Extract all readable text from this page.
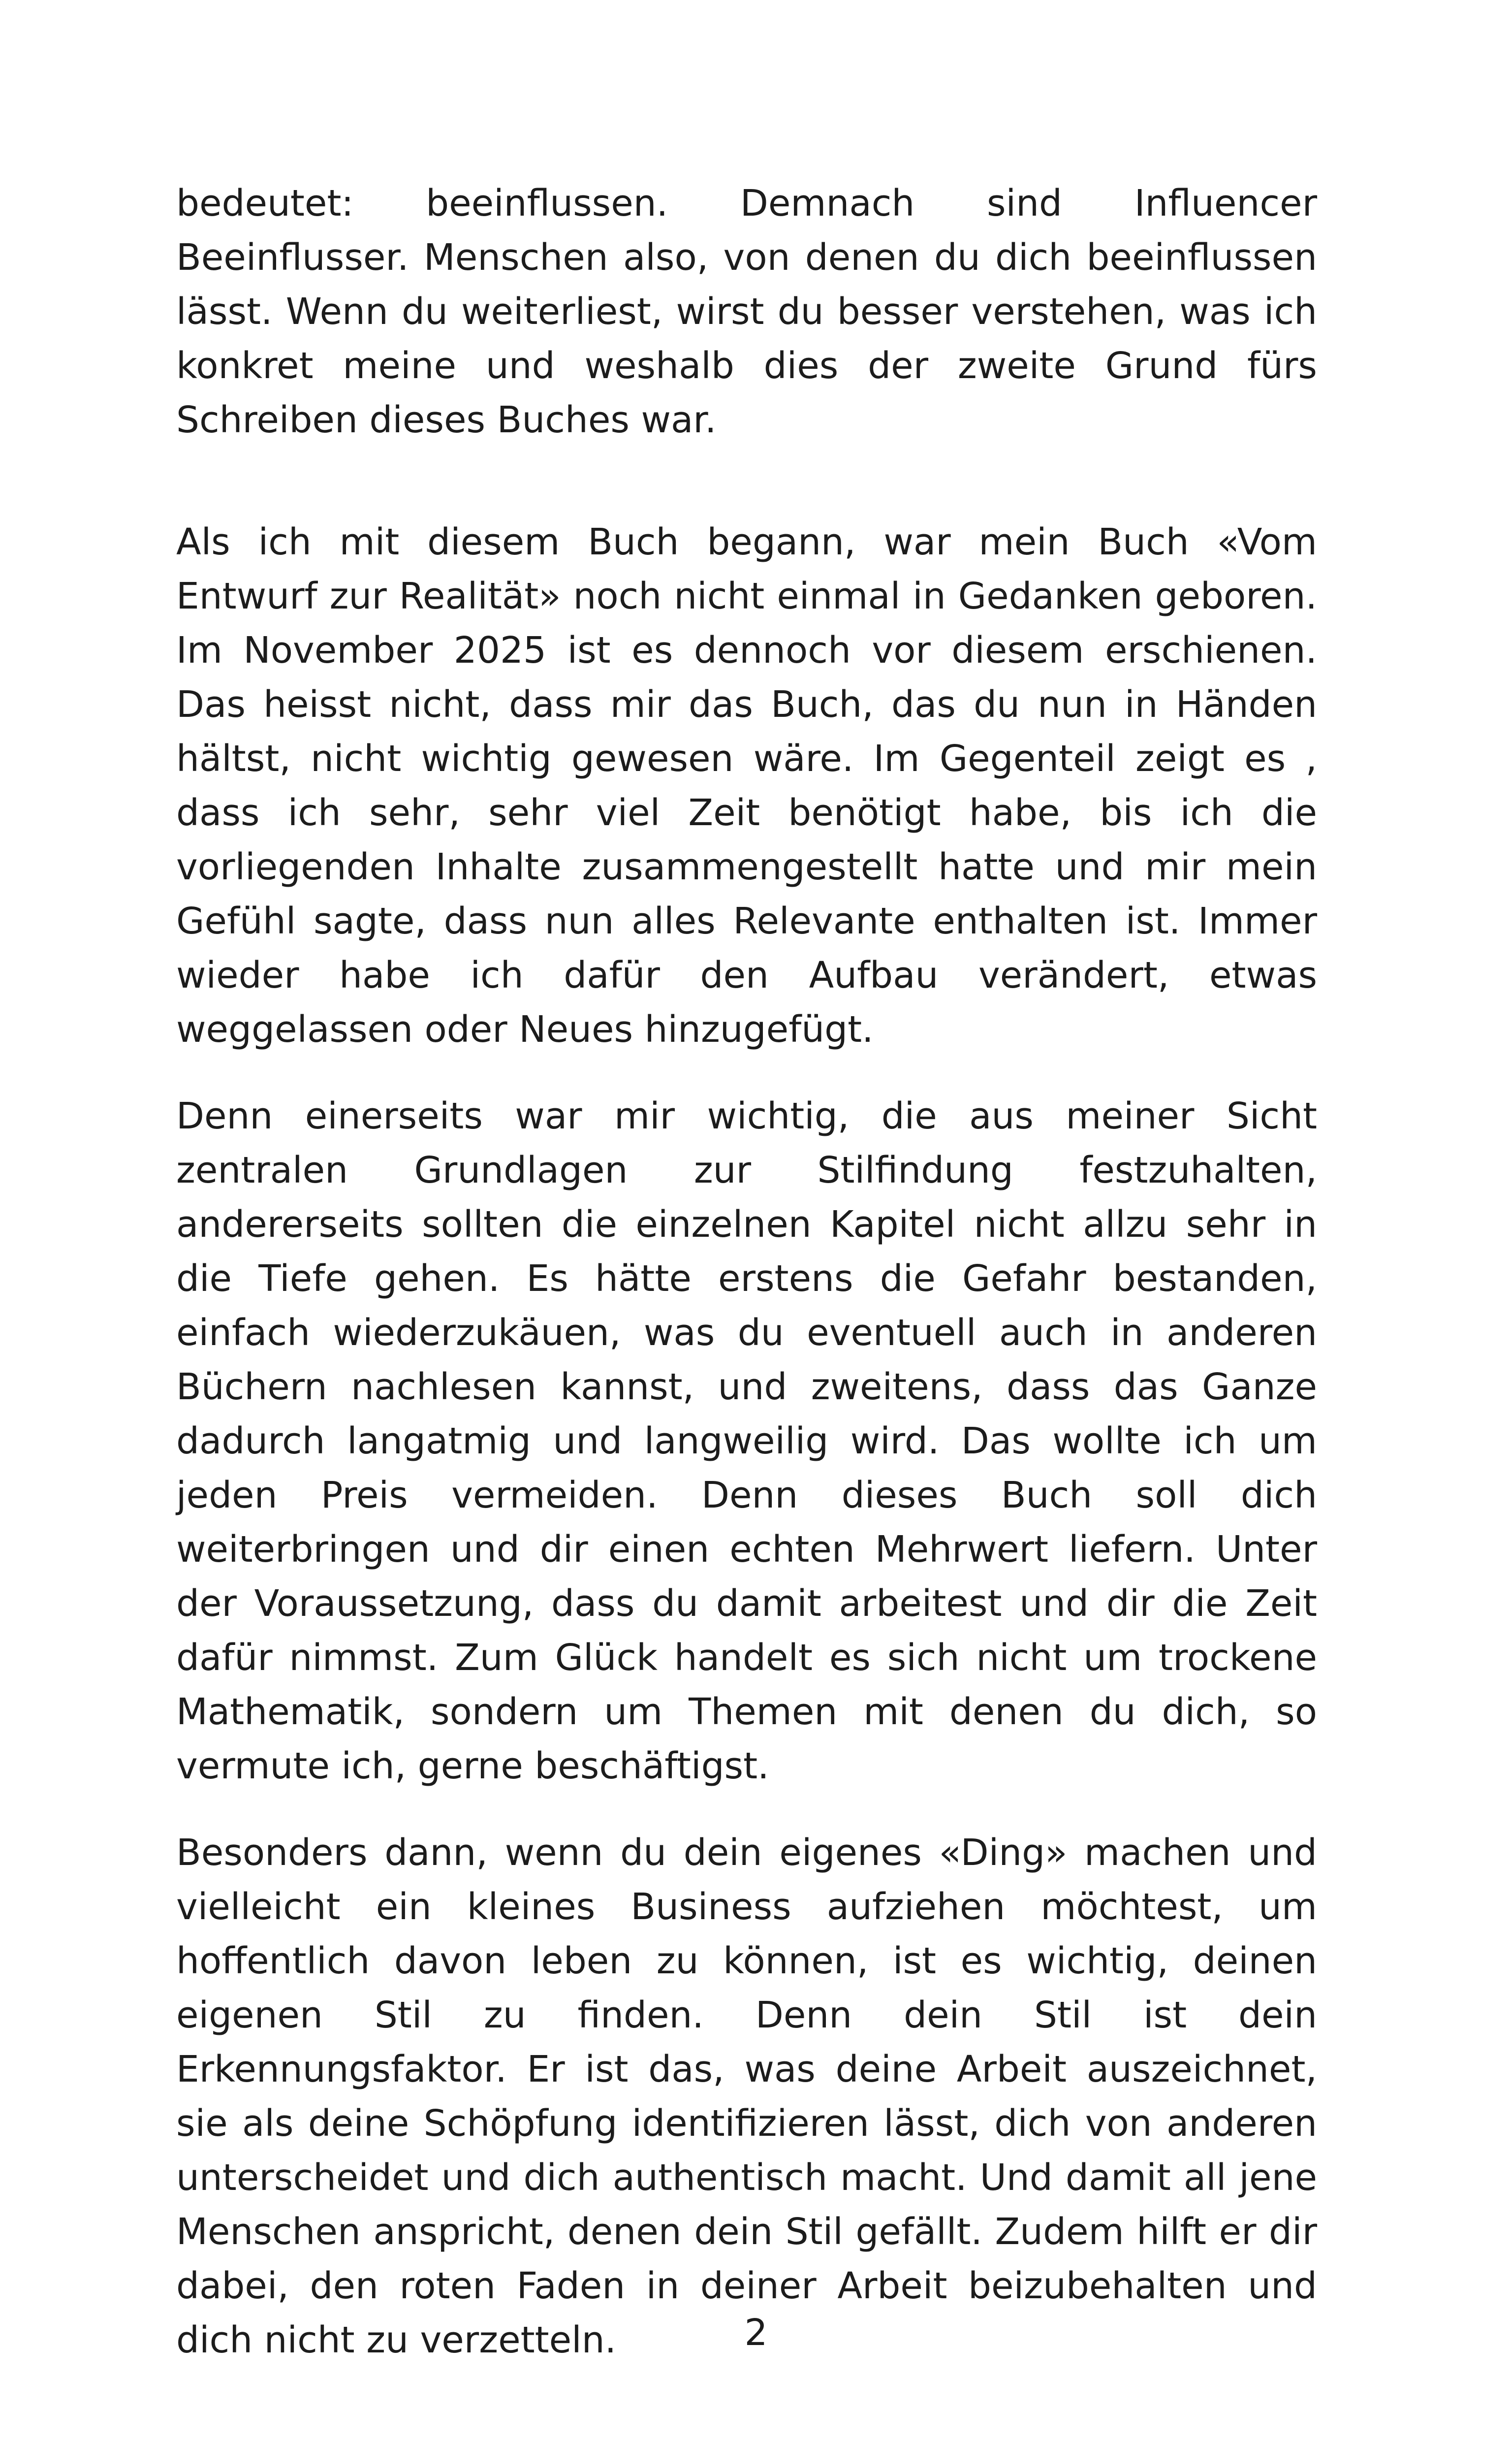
bedeutet: beeinflussen. Demnach sind Influencer Beeinflusser. Menschen also, von denen du dich beeinflussen lässt. Wenn du weiterliest, wirst du besser verstehen, was ich konkret meine und weshalb dies der zweite Grund fürs Schreiben dieses Buches war.

Als ich mit diesem Buch begann, war mein Buch «Vom Entwurf zur Realität» noch nicht einmal in Gedanken geboren. Im November 2025 ist es dennoch vor diesem erschienen. Das heisst nicht, dass mir das Buch, das du nun in Händen hältst, nicht wichtig gewesen wäre. Im Gegenteil zeigt es , dass ich sehr, sehr viel Zeit benötigt habe, bis ich die vorliegenden Inhalte zusammengestellt hatte und mir mein Gefühl sagte, dass nun alles Relevante enthalten ist. Immer wieder habe ich dafür den Aufbau verändert, etwas weggelassen oder Neues hinzugefügt.

Denn einerseits war mir wichtig, die aus meiner Sicht zentralen Grundlagen zur Stilfindung festzuhalten, andererseits sollten die einzelnen Kapitel nicht allzu sehr in die Tiefe gehen. Es hätte erstens die Gefahr bestanden, einfach wiederzukäuen, was du eventuell auch in anderen Büchern nachlesen kannst, und zweitens, dass das Ganze dadurch langatmig und langweilig wird. Das wollte ich um jeden Preis vermeiden. Denn dieses Buch soll dich weiterbringen und dir einen echten Mehrwert liefern. Unter der Voraussetzung, dass du damit arbeitest und dir die Zeit dafür nimmst. Zum Glück handelt es sich nicht um trockene Mathematik, sondern um Themen mit denen du dich, so vermute ich, gerne beschäftigst.

Besonders dann, wenn du dein eigenes «Ding» machen und vielleicht ein kleines Business aufziehen möchtest, um hoffentlich davon leben zu können, ist es wichtig, deinen eigenen Stil zu finden. Denn dein Stil ist dein Erkennungsfaktor. Er ist das, was deine Arbeit auszeichnet, sie als deine Schöpfung identifizieren lässt, dich von anderen unterscheidet und dich authentisch macht. Und damit all jene Menschen anspricht, denen dein Stil gefällt. Zudem hilft er dir dabei, den roten Faden in deiner Arbeit beizubehalten und dich nicht zu verzetteln.	2
